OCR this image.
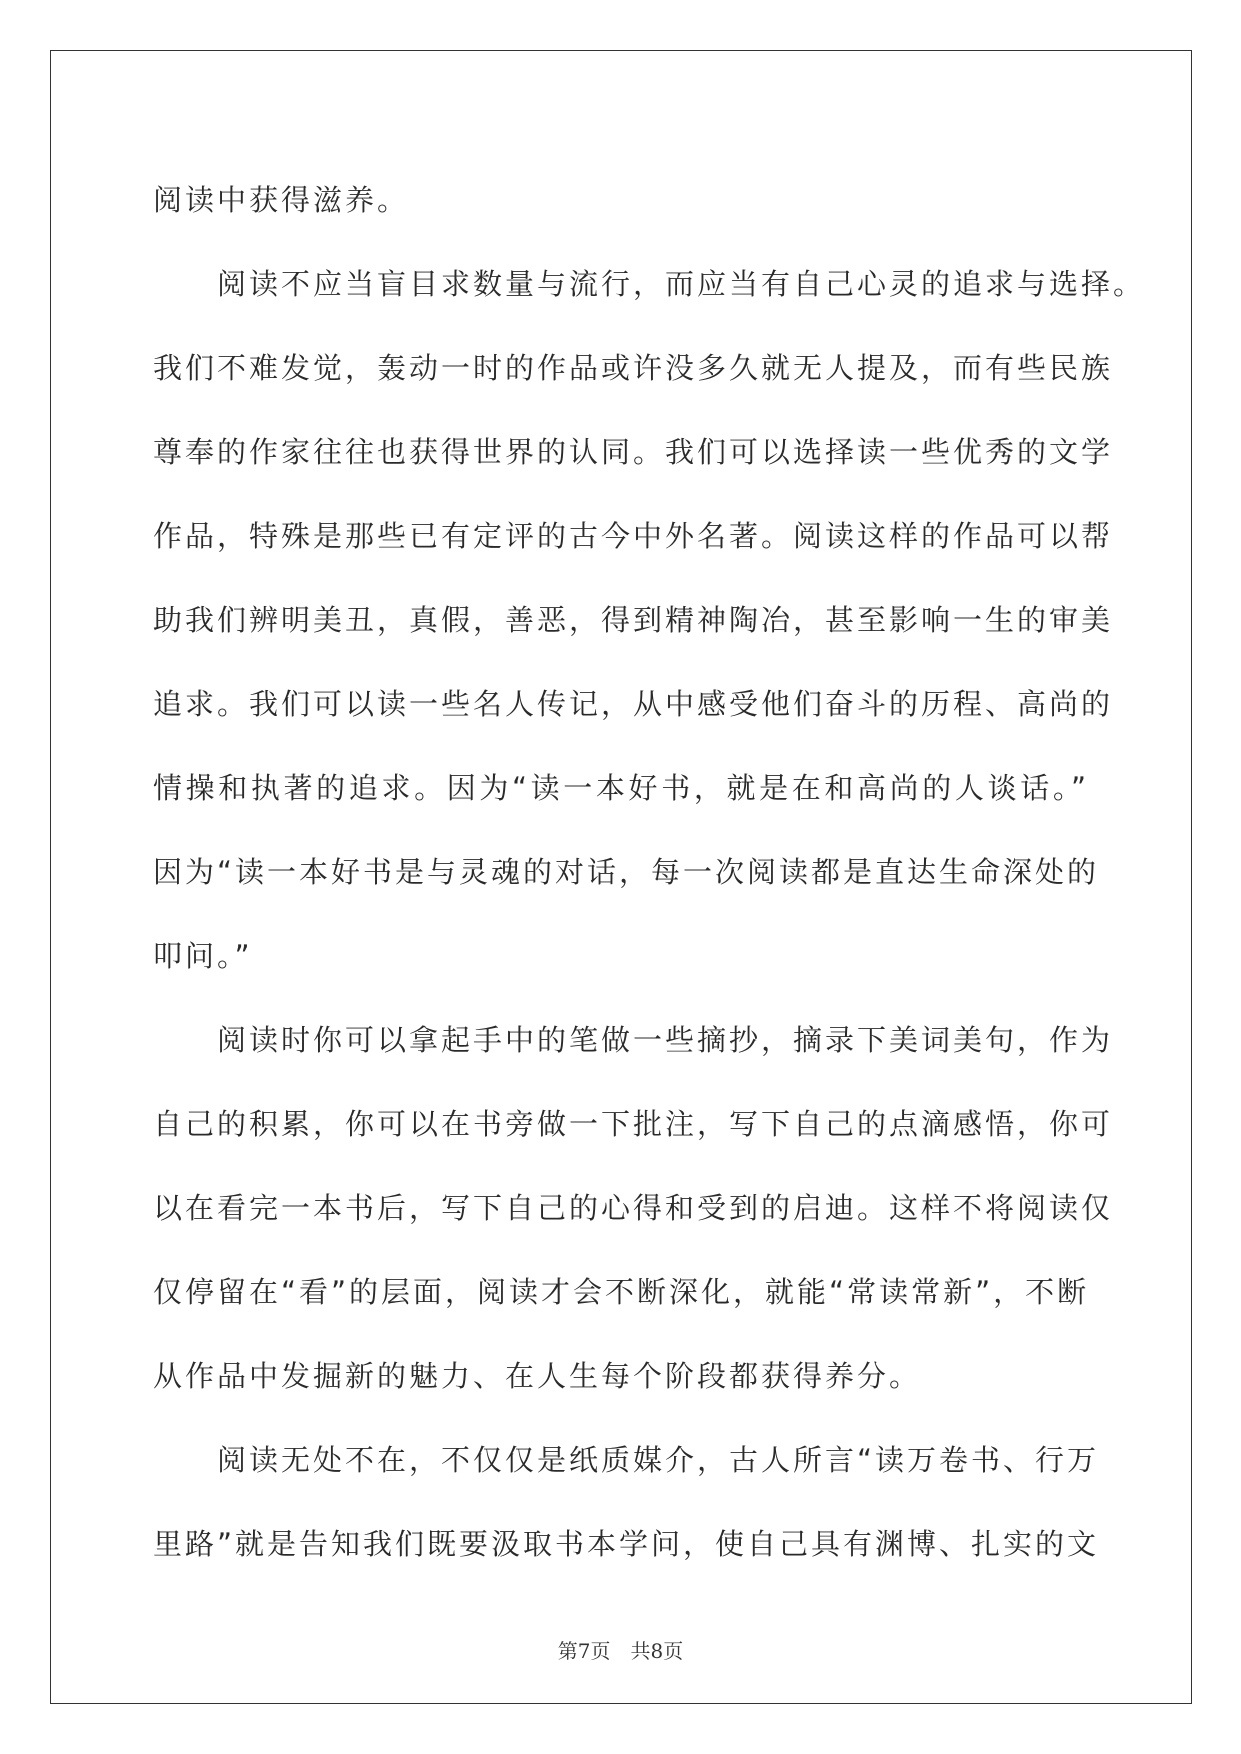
阅读中获得滋养。
阅读不应当盲目求数量与流行，而应当有自己心灵的追求与选择。
我们不难发觉，轰动一时的作品或许没多久就无人提及，而有些民族
尊奉的作家往往也获得世界的认同。我们可以选择读一些优秀的文学
作品，特殊是那些已有定评的古今中外名著。阅读这样的作品可以帮
助我们辨明美丑，真假，善恶，得到精神陶冶，甚至影响一生的审美
追求。我们可以读一些名人传记，从中感受他们奋斗的历程、高尚的
情操和执著的追求。因为“读一本好书，就是在和高尚的人谈话。”
因为“读一本好书是与灵魂的对话，每一次阅读都是直达生命深处的
叩问。”
阅读时你可以拿起手中的笔做一些摘抄，摘录下美词美句，作为
自己的积累，你可以在书旁做一下批注，写下自己的点滴感悟，你可
以在看完一本书后，写下自己的心得和受到的启迪。这样不将阅读仅
仅停留在“看”的层面，阅读才会不断深化，就能“常读常新”，不断
从作品中发掘新的魅力、在人生每个阶段都获得养分。
阅读无处不在，不仅仅是纸质媒介，古人所言“读万卷书、行万
里路”就是告知我们既要汲取书本学问，使自己具有渊博、扎实的文
第7页　共8页
